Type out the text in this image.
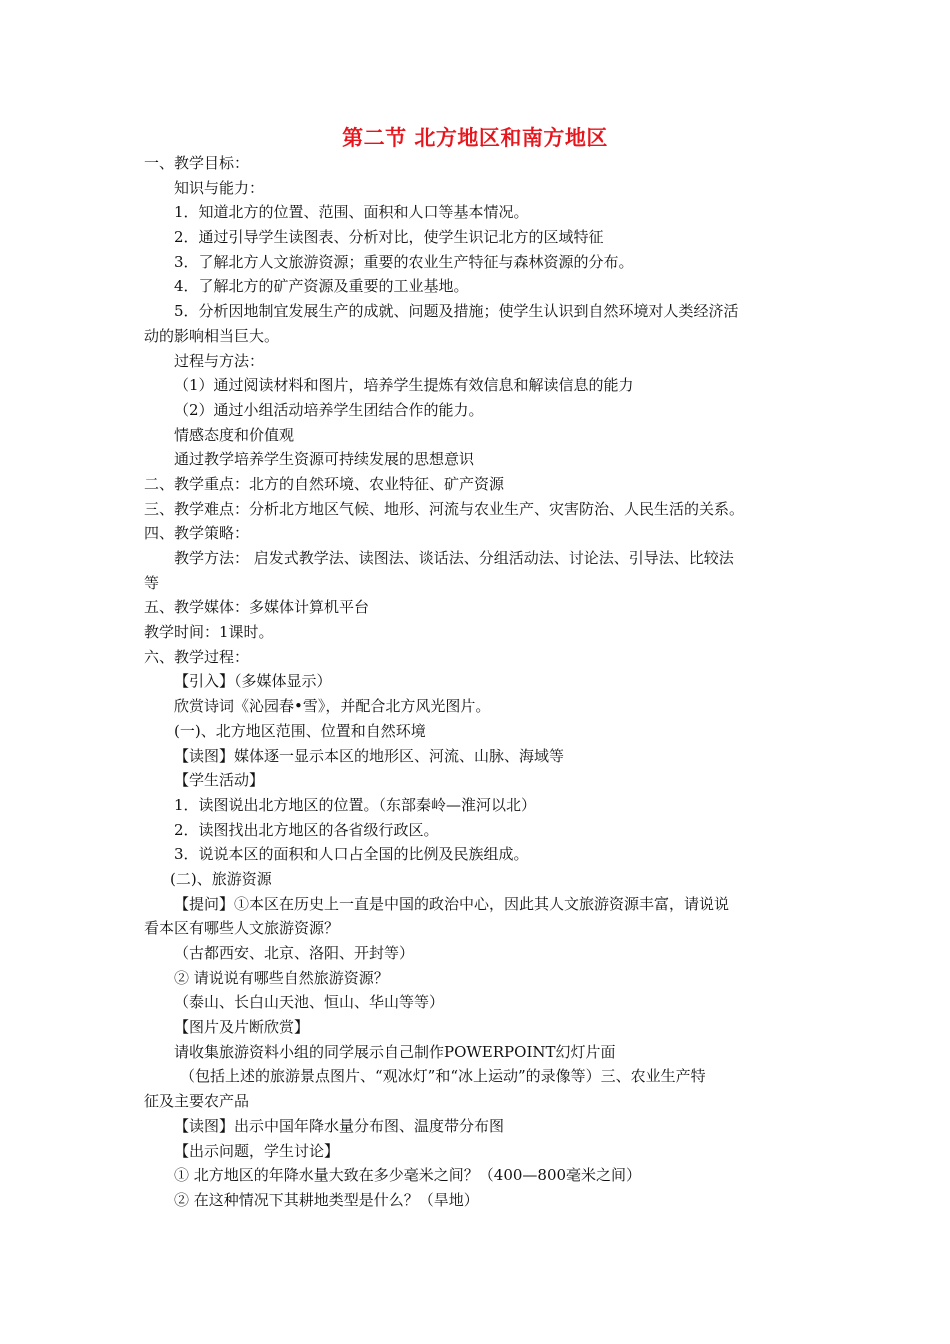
第二节 北方地区和南方地区
一、教学目标：
知识与能力：
1．知道北方的位置、范围、面积和人口等基本情况。
2．通过引导学生读图表、分析对比，使学生识记北方的区域特征
3．了解北方人文旅游资源；重要的农业生产特征与森林资源的分布。
4．了解北方的矿产资源及重要的工业基地。
5．分析因地制宜发展生产的成就、问题及措施；使学生认识到自然环境对人类经济活
动的影响相当巨大。
过程与方法：
（1）通过阅读材料和图片，培养学生提炼有效信息和解读信息的能力
（2）通过小组活动培养学生团结合作的能力。
情感态度和价值观
通过教学培养学生资源可持续发展的思想意识
二、教学重点：北方的自然环境、农业特征、矿产资源
三、教学难点：分析北方地区气候、地形、河流与农业生产、灾害防治、人民生活的关系。
四、教学策略：
教学方法： 启发式教学法、读图法、谈话法、分组活动法、讨论法、引导法、比较法
等
五、教学媒体：多媒体计算机平台
教学时间：1课时。
六、教学过程：
【引入】（多媒体显示）
欣赏诗词《沁园春•雪》，并配合北方风光图片。
(一)、北方地区范围、位置和自然环境
【读图】媒体逐一显示本区的地形区、河流、山脉、海域等
【学生活动】
1．读图说出北方地区的位置。（东部秦岭—淮河以北）
2．读图找出北方地区的各省级行政区。
3．说说本区的面积和人口占全国的比例及民族组成。
(二)、旅游资源
【提问】①本区在历史上一直是中国的政治中心，因此其人文旅游资源丰富，请说说
看本区有哪些人文旅游资源？
（古都西安、北京、洛阳、开封等）
② 请说说有哪些自然旅游资源？
（泰山、长白山天池、恒山、华山等等）
【图片及片断欣赏】
请收集旅游资料小组的同学展示自己制作POWERPOINT幻灯片面
（包括上述的旅游景点图片、“观冰灯”和“冰上运动”的录像等）三、农业生产特
征及主要农产品
【读图】出示中国年降水量分布图、温度带分布图
【出示问题，学生讨论】
① 北方地区的年降水量大致在多少毫米之间？（400—800毫米之间）
② 在这种情况下其耕地类型是什么？（旱地）
